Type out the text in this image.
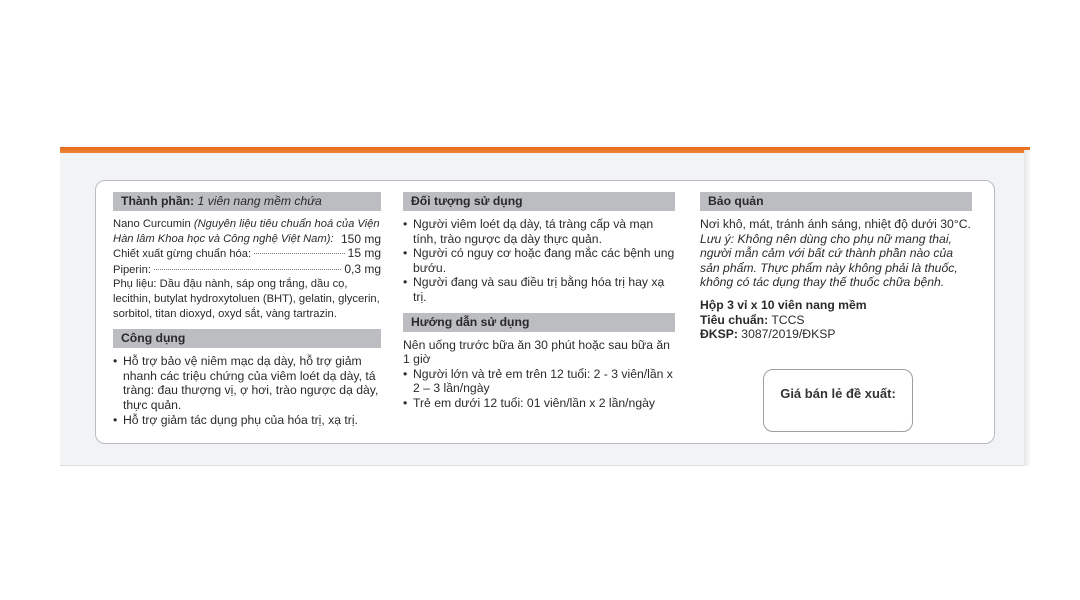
Thành phần: 1 viên nang mềm chứa
Nano Curcumin (Nguyên liệu tiêu chuẩn hoá của Viện Hàn lâm Khoa học và Công nghệ Việt Nam): 150 mg
Chiết xuất gừng chuẩn hóa:	15 mg
Piperin:	0,3 mg

Phụ liệu: Dầu đậu nành, sáp ong trắng, dầu cọ, lecithin, butylat hydroxytoluen (BHT), gelatin, glycerin, sorbitol, titan dioxyd, oxyd sắt, vàng tartrazin.

Công dụng
• Hỗ trợ bảo vệ niêm mạc dạ dày, hỗ trợ giảm nhanh các triệu chứng của viêm loét dạ dày, tá tràng: đau thượng vị, ợ hơi, trào ngược dạ dày, thực quản.
• Hỗ trợ giảm tác dụng phụ của hóa trị, xạ trị.
Đối tượng sử dụng
• Người viêm loét dạ dày, tá tràng cấp và mạn tính, trào ngược dạ dày thực quản.
• Người có nguy cơ hoặc đang mắc các bệnh ung bướu.
• Người đang và sau điều trị bằng hóa trị hay xạ trị.
Hướng dẫn sử dụng

Nên uống trước bữa ăn 30 phút hoặc sau bữa ăn 1 giờ

• Người lớn và trẻ em trên 12 tuổi: 2 - 3 viên/lần x 2 – 3 lần/ngày
• Trẻ em dưới 12 tuổi: 01 viên/lần x 2 lần/ngày
Bảo quản

Nơi khô, mát, tránh ánh sáng, nhiệt độ dưới 30°C.

Lưu ý: Không nên dùng cho phụ nữ mang thai, người mẫn cảm với bất cứ thành phần nào của sản phẩm. Thực phẩm này không phải là thuốc, không có tác dụng thay thế thuốc chữa bệnh.

Hộp 3 vỉ x 10 viên nang mềm

Tiêu chuẩn: TCCS

ĐKSP: 3087/2019/ĐKSP

Giá bán lẻ đề xuất:
